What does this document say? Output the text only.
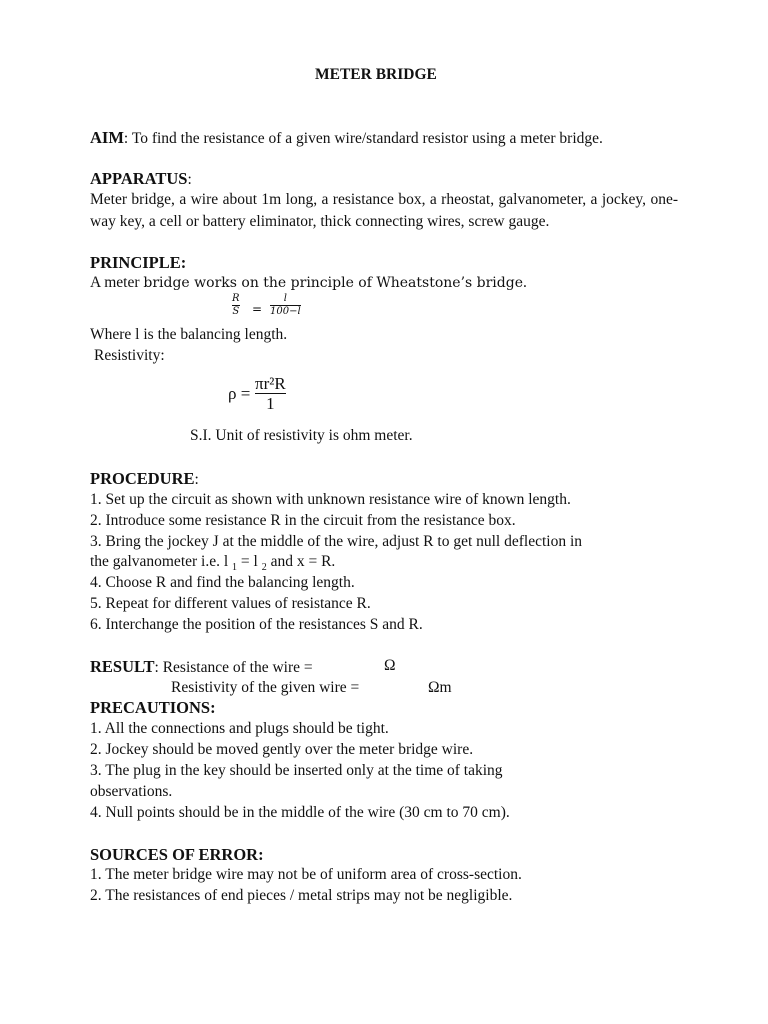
METER BRIDGE
AIM: To find the resistance of a given wire/standard resistor using a meter bridge.
APPARATUS:
Meter bridge, a wire about 1m long, a resistance box, a rheostat, galvanometer, a jockey, one-way key, a cell or battery eliminator, thick connecting wires, screw gauge.
PRINCIPLE:
A meter bridge works on the principle of Wheatstone’s bridge.
R
S =
l
100−l
Where l is the balancing length.
Resistivity:
ρ =
πr²R
1
S.I. Unit of resistivity is ohm meter.
PROCEDURE:
1. Set up the circuit as shown with unknown resistance wire of known length.
2. Introduce some resistance R in the circuit from the resistance box.
3. Bring the jockey J at the middle of the wire, adjust R to get null deflection in
the galvanometer i.e. l $_1$ = l $_2$ and x = R.
4. Choose R and find the balancing length.
5. Repeat for different values of resistance R.
6. Interchange the position of the resistances S and R.
RESULT: Resistance of the wire =	Ω
Resistivity of the given wire =	Ωm
PRECAUTIONS:
1. All the connections and plugs should be tight.
2. Jockey should be moved gently over the meter bridge wire.
3. The plug in the key should be inserted only at the time of taking
observations.
4. Null points should be in the middle of the wire (30 cm to 70 cm).
SOURCES OF ERROR:
1. The meter bridge wire may not be of uniform area of cross-section.
2. The resistances of end pieces / metal strips may not be negligible.
